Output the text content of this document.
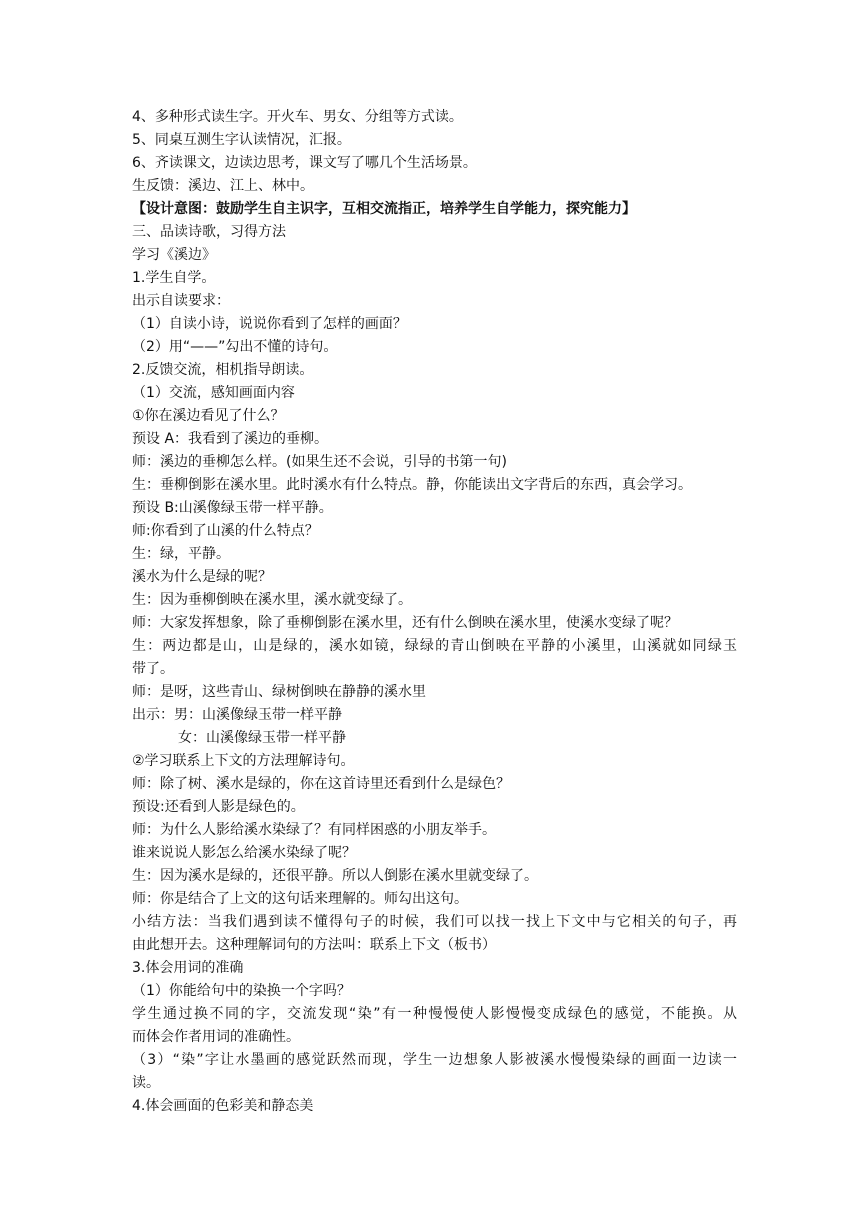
4、多种形式读生字。开火车、男女、分组等方式读。
5、同桌互测生字认读情况，汇报。
6、齐读课文，边读边思考，课文写了哪几个生活场景。
生反馈：溪边、江上、林中。
【设计意图：鼓励学生自主识字，互相交流指正，培养学生自学能力，探究能力】
三、品读诗歌，习得方法
学习《溪边》
1.学生自学。
出示自读要求：
（1）自读小诗，说说你看到了怎样的画面？
（2）用“——”勾出不懂的诗句。
2.反馈交流，相机指导朗读。
（1）交流，感知画面内容
①你在溪边看见了什么？
预设 A：我看到了溪边的垂柳。
师：溪边的垂柳怎么样。(如果生还不会说，引导的书第一句)
生：垂柳倒影在溪水里。此时溪水有什么特点。静，你能读出文字背后的东西，真会学习。
预设 B:山溪像绿玉带一样平静。
师:你看到了山溪的什么特点？
生：绿，平静。
溪水为什么是绿的呢？
生：因为垂柳倒映在溪水里，溪水就变绿了。
师：大家发挥想象，除了垂柳倒影在溪水里，还有什么倒映在溪水里，使溪水变绿了呢？
生：两边都是山，山是绿的，溪水如镜，绿绿的青山倒映在平静的小溪里，山溪就如同绿玉
带了。
师：是呀，这些青山、绿树倒映在静静的溪水里
出示：男：山溪像绿玉带一样平静
女：山溪像绿玉带一样平静
②学习联系上下文的方法理解诗句。
师：除了树、溪水是绿的，你在这首诗里还看到什么是绿色？
预设:还看到人影是绿色的。
师：为什么人影给溪水染绿了？有同样困惑的小朋友举手。
谁来说说人影怎么给溪水染绿了呢？
生：因为溪水是绿的，还很平静。所以人倒影在溪水里就变绿了。
师：你是结合了上文的这句话来理解的。师勾出这句。
小结方法：当我们遇到读不懂得句子的时候，我们可以找一找上下文中与它相关的句子，再
由此想开去。这种理解词句的方法叫：联系上下文（板书）
3.体会用词的准确
（1）你能给句中的染换一个字吗？
学生通过换不同的字，交流发现“染”有一种慢慢使人影慢慢变成绿色的感觉，不能换。从
而体会作者用词的准确性。
（3）“染”字让水墨画的感觉跃然而现，学生一边想象人影被溪水慢慢染绿的画面一边读一
读。
4.体会画面的色彩美和静态美
